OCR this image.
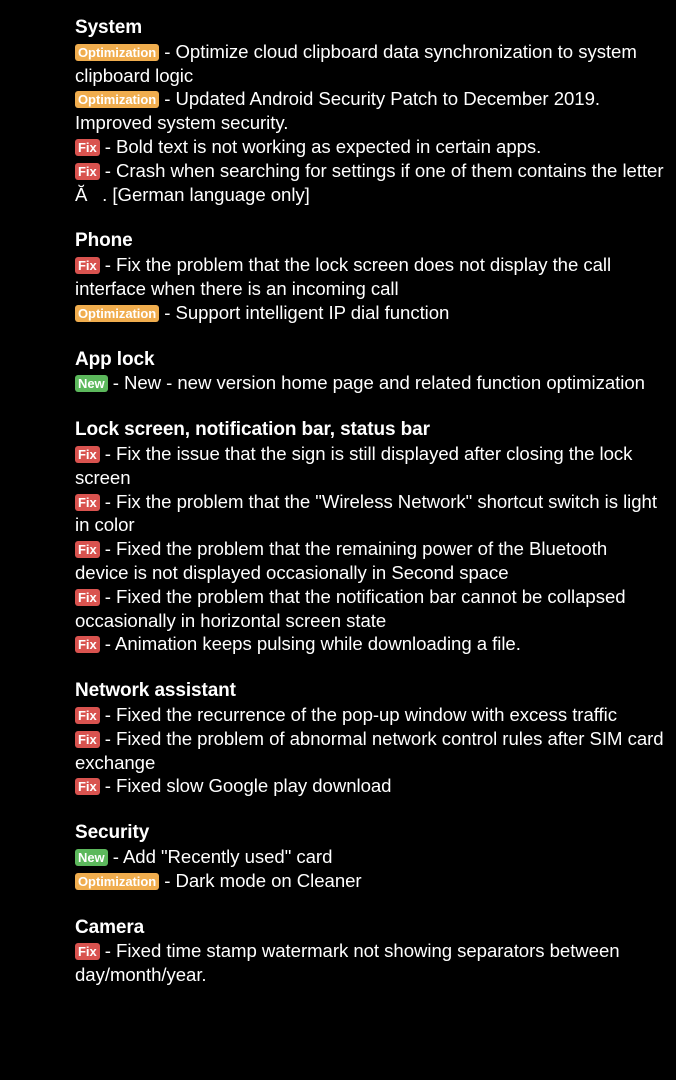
System
Optimization - Optimize cloud clipboard data synchronization to system clipboard logic
Optimization - Updated Android Security Patch to December 2019. Improved system security.
Fix - Bold text is not working as expected in certain apps.
Fix - Crash when searching for settings if one of them contains the letter Ă. [German language only]
Phone
Fix - Fix the problem that the lock screen does not display the call interface when there is an incoming call
Optimization - Support intelligent IP dial function
App lock
New - New - new version home page and related function optimization
Lock screen, notification bar, status bar
Fix - Fix the issue that the sign is still displayed after closing the lock screen
Fix - Fix the problem that the "Wireless Network" shortcut switch is light in color
Fix - Fixed the problem that the remaining power of the Bluetooth device is not displayed occasionally in Second space
Fix - Fixed the problem that the notification bar cannot be collapsed occasionally in horizontal screen state
Fix - Animation keeps pulsing while downloading a file.
Network assistant
Fix - Fixed the recurrence of the pop-up window with excess traffic
Fix - Fixed the problem of abnormal network control rules after SIM card exchange
Fix - Fixed slow Google play download
Security
New - Add "Recently used" card
Optimization - Dark mode on Cleaner
Camera
Fix - Fixed time stamp watermark not showing separators between day/month/year.
